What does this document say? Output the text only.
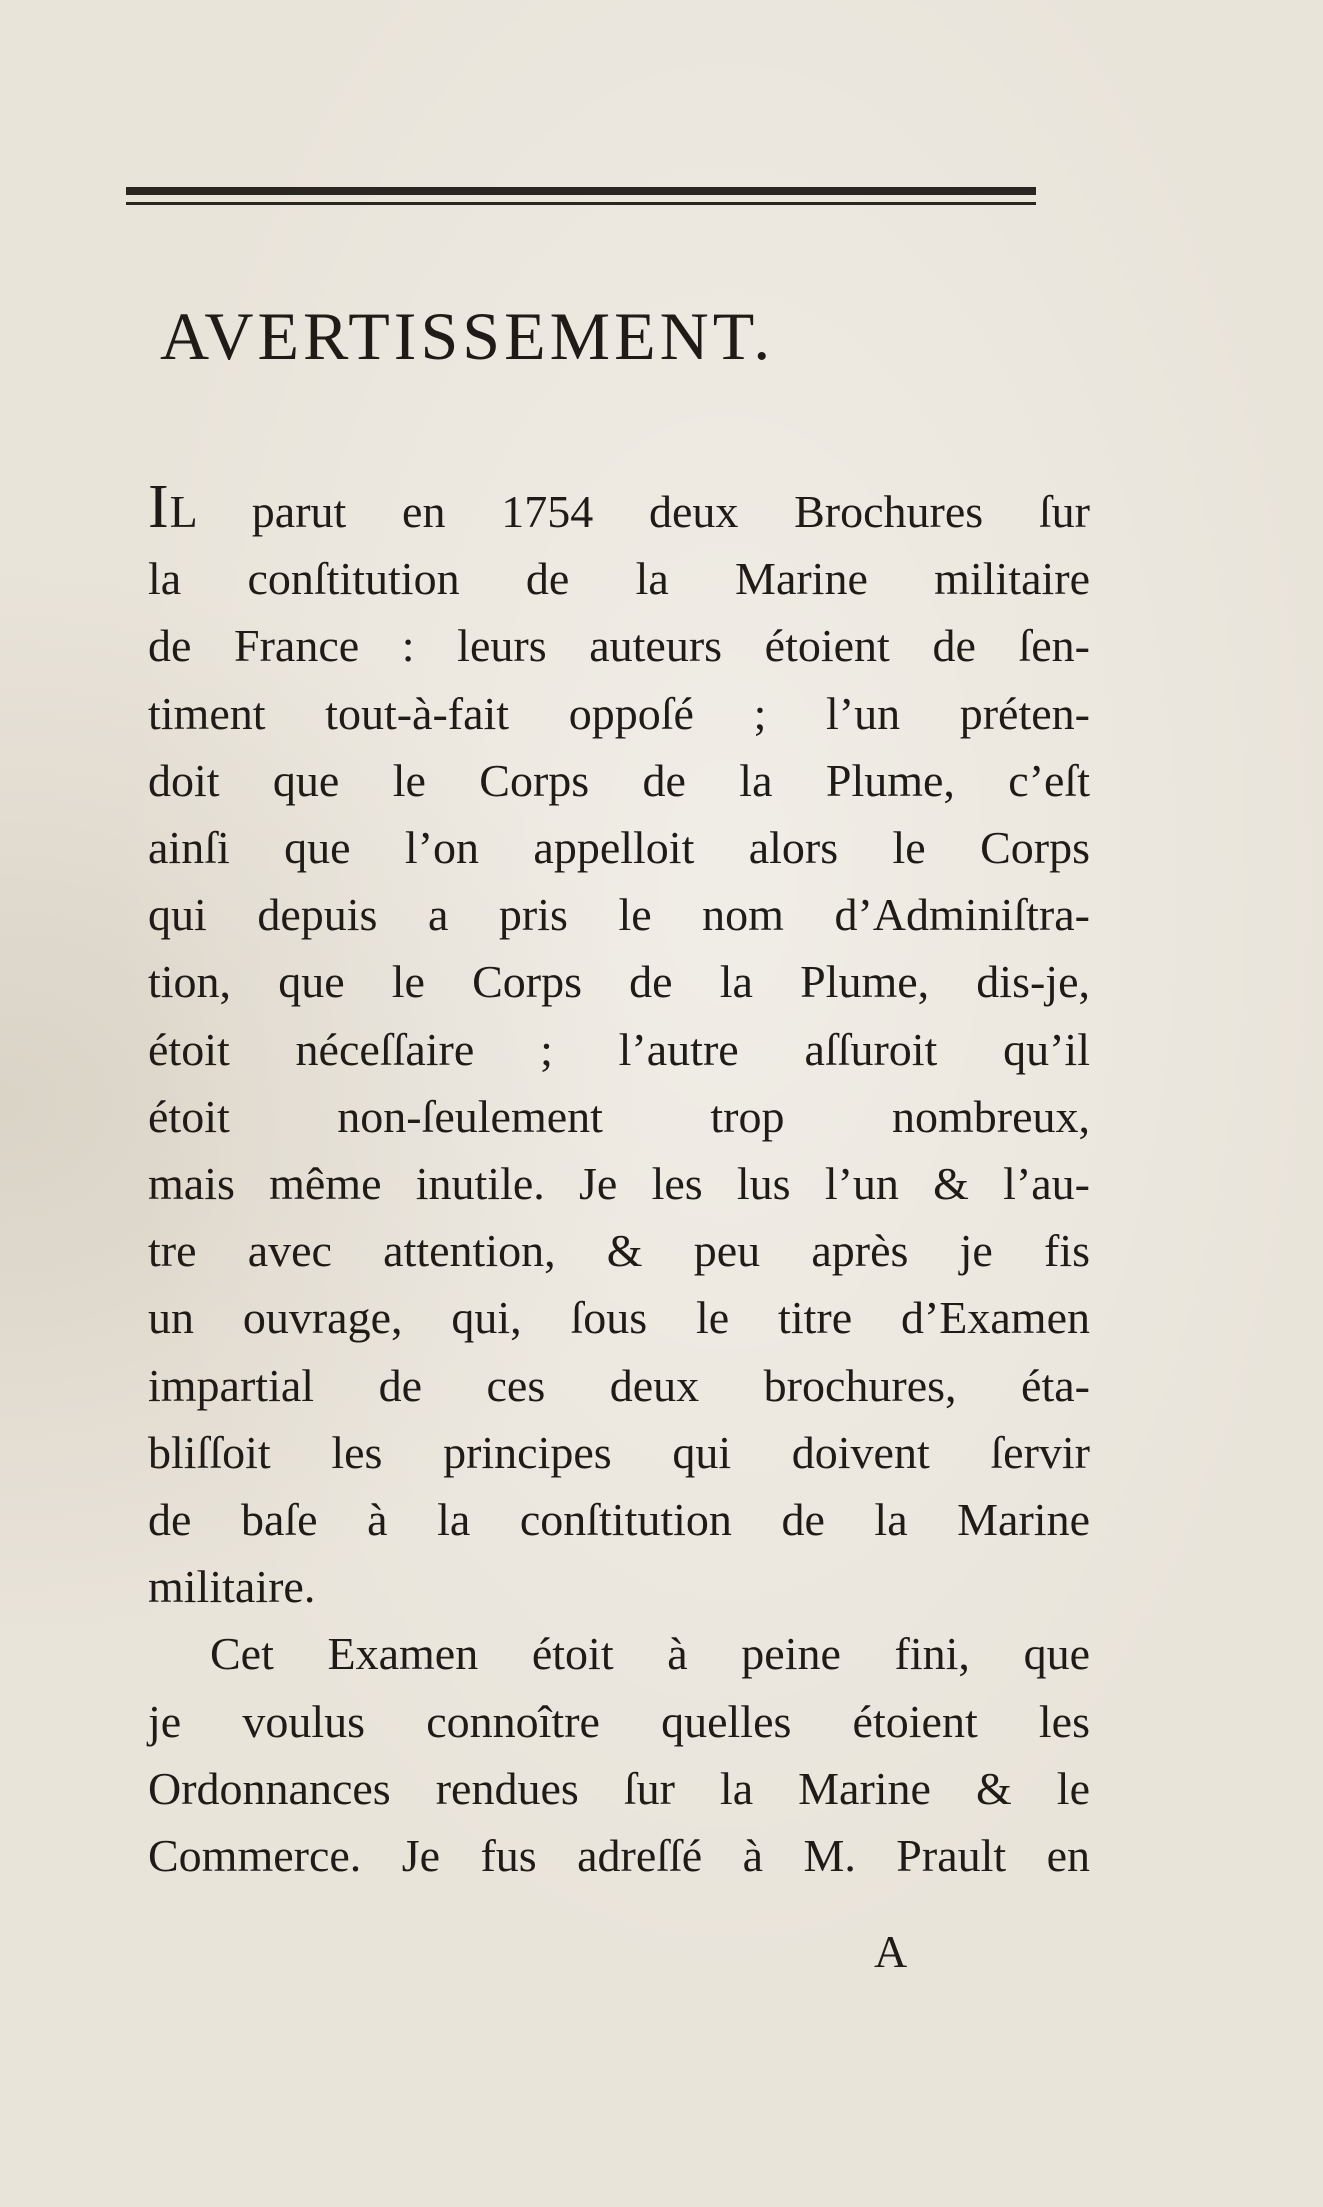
AVERTISSEMENT.
IL parut en 1754 deux Brochures ſur
la conſtitution de la Marine militaire
de France : leurs auteurs étoient de ſen-
timent tout-à-fait oppoſé ; l’un préten-
doit que le Corps de la Plume, c’eſt
ainſi que l’on appelloit alors le Corps
qui depuis a pris le nom d’Adminiſtra-
tion, que le Corps de la Plume, dis-je,
étoit néceſſaire ; l’autre aſſuroit qu’il
étoit non-ſeulement trop nombreux,
mais même inutile. Je les lus l’un & l’au-
tre avec attention, & peu après je fis
un ouvrage, qui, ſous le titre d’Examen
impartial de ces deux brochures, éta-
bliſſoit les principes qui doivent ſervir
de baſe à la conſtitution de la Marine
militaire.
Cet Examen étoit à peine fini, que
je voulus connoître quelles étoient les
Ordonnances rendues ſur la Marine & le
Commerce. Je fus adreſſé à M. Prault en
A
